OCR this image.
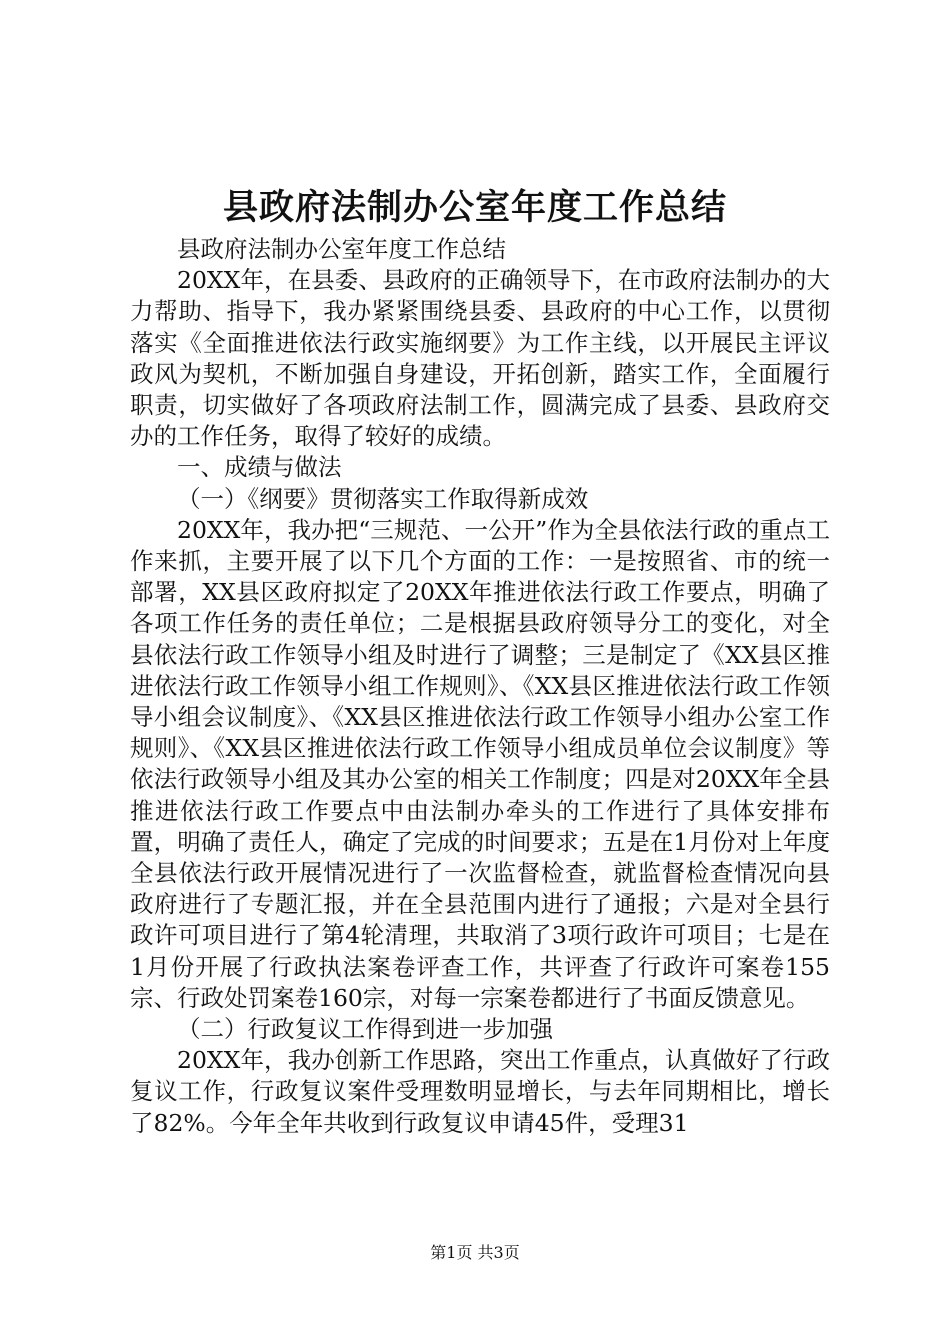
县政府法制办公室年度工作总结

县政府法制办公室年度工作总结

20XX年，在县委、县政府的正确领导下，在市政府法制办的大力帮助、指导下，我办紧紧围绕县委、县政府的中心工作，以贯彻落实《全面推进依法行政实施纲要》为工作主线，以开展民主评议政风为契机，不断加强自身建设，开拓创新，踏实工作，全面履行职责，切实做好了各项政府法制工作，圆满完成了县委、县政府交办的工作任务，取得了较好的成绩。

一、成绩与做法

（一）《纲要》贯彻落实工作取得新成效

20XX年，我办把“三规范、一公开”作为全县依法行政的重点工作来抓，主要开展了以下几个方面的工作：一是按照省、市的统一部署，XX县区政府拟定了20XX年推进依法行政工作要点，明确了各项工作任务的责任单位；二是根据县政府领导分工的变化，对全县依法行政工作领导小组及时进行了调整；三是制定了《XX县区推进依法行政工作领导小组工作规则》、《XX县区推进依法行政工作领导小组会议制度》、《XX县区推进依法行政工作领导小组办公室工作规则》、《XX县区推进依法行政工作领导小组成员单位会议制度》等依法行政领导小组及其办公室的相关工作制度；四是对20XX年全县推进依法行政工作要点中由法制办牵头的工作进行了具体安排布置，明确了责任人，确定了完成的时间要求；五是在1月份对上年度全县依法行政开展情况进行了一次监督检查，就监督检查情况向县政府进行了专题汇报，并在全县范围内进行了通报；六是对全县行政许可项目进行了第4轮清理，共取消了3项行政许可项目；七是在1月份开展了行政执法案卷评查工作，共评查了行政许可案卷155宗、行政处罚案卷160宗，对每一宗案卷都进行了书面反馈意见。

（二）行政复议工作得到进一步加强

20XX年，我办创新工作思路，突出工作重点，认真做好了行政复议工作，行政复议案件受理数明显增长，与去年同期相比，增长了82%。今年全年共收到行政复议申请45件，受理31

第1页 共3页
